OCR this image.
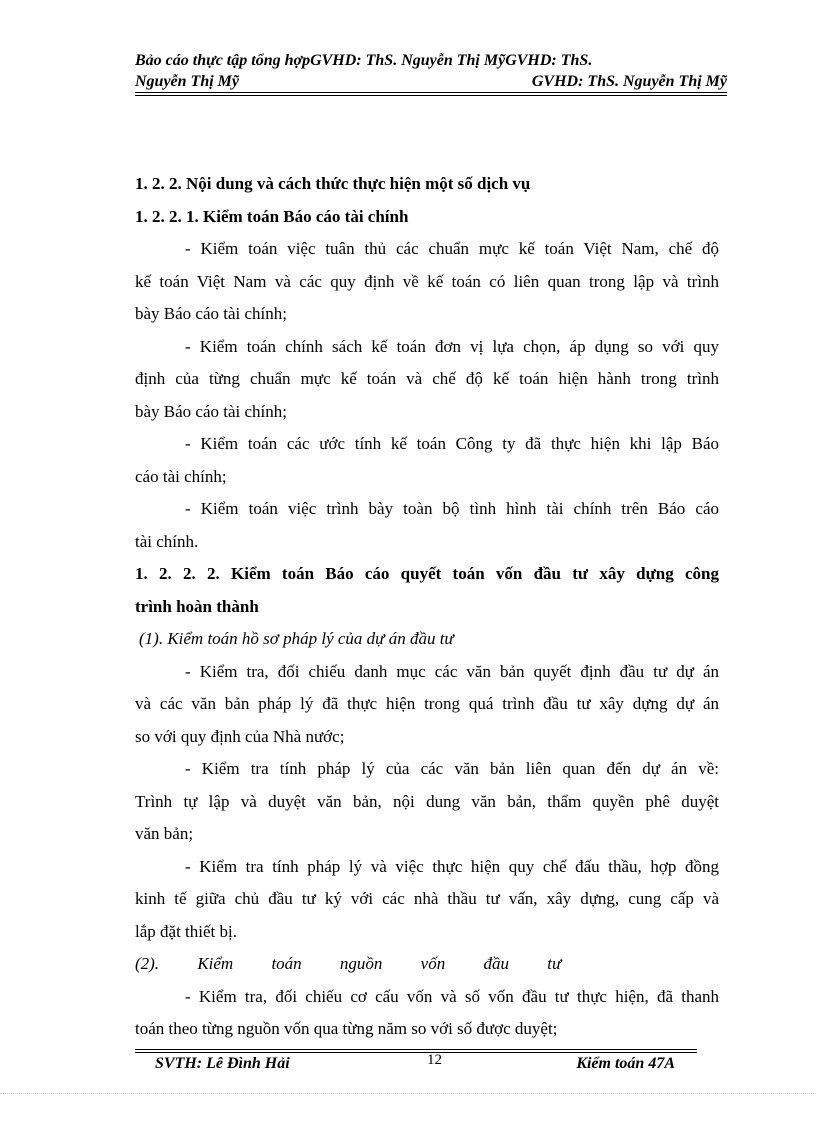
Bảo cáo thực tập tổng hợpGVHD: ThS. Nguyễn Thị MỹGVHD: ThS.
Nguyễn Thị Mỹ	GVHD: ThS. Nguyễn Thị Mỹ
1. 2. 2. Nội dung và cách thức thực hiện một số dịch vụ
1. 2. 2. 1. Kiểm toán Báo cáo tài chính
- Kiểm toán việc tuân thủ các chuẩn mực kế toán Việt Nam, chế độ
kế toán Việt Nam và các quy định về kế toán có liên quan trong lập và trình
bày Báo cáo tài chính;
- Kiểm toán chính sách kế toán đơn vị lựa chọn, áp dụng so với quy
định của từng chuẩn mực kế toán và chế độ kế toán hiện hành trong trình
bày Báo cáo tài chính;
- Kiểm toán các ước tính kế toán Công ty đã thực hiện khi lập Báo
cáo tài chính;
- Kiểm toán việc trình bày toàn bộ tình hình tài chính trên Báo cáo
tài chính.
1. 2. 2. 2. Kiểm toán Báo cáo quyết toán vốn đầu tư xây dựng công
trình hoàn thành
(1). Kiểm toán hồ sơ pháp lý của dự án đầu tư
- Kiểm tra, đối chiếu danh mục các văn bản quyết định đầu tư dự án
và các văn bản pháp lý đã thực hiện trong quá trình đầu tư xây dựng dự án
so với quy định của Nhà nước;
- Kiểm tra tính pháp lý của các văn bản liên quan đến dự án về:
Trình tự lập và duyệt văn bản, nội dung văn bản, thẩm quyền phê duyệt
văn bản;
- Kiểm tra tính pháp lý và việc thực hiện quy chế đấu thầu, hợp đồng
kinh tế giữa chủ đầu tư ký với các nhà thầu tư vấn, xây dựng, cung cấp và
lắp đặt thiết bị.
(2).         Kiểm         toán         nguồn         vốn         đầu         tư
- Kiểm tra, đối chiếu cơ cấu vốn và số vốn đầu tư thực hiện, đã thanh
toán theo từng nguồn vốn qua từng năm so với số được duyệt;
SVTH: Lê Đình Hải	12	Kiểm toán 47A
